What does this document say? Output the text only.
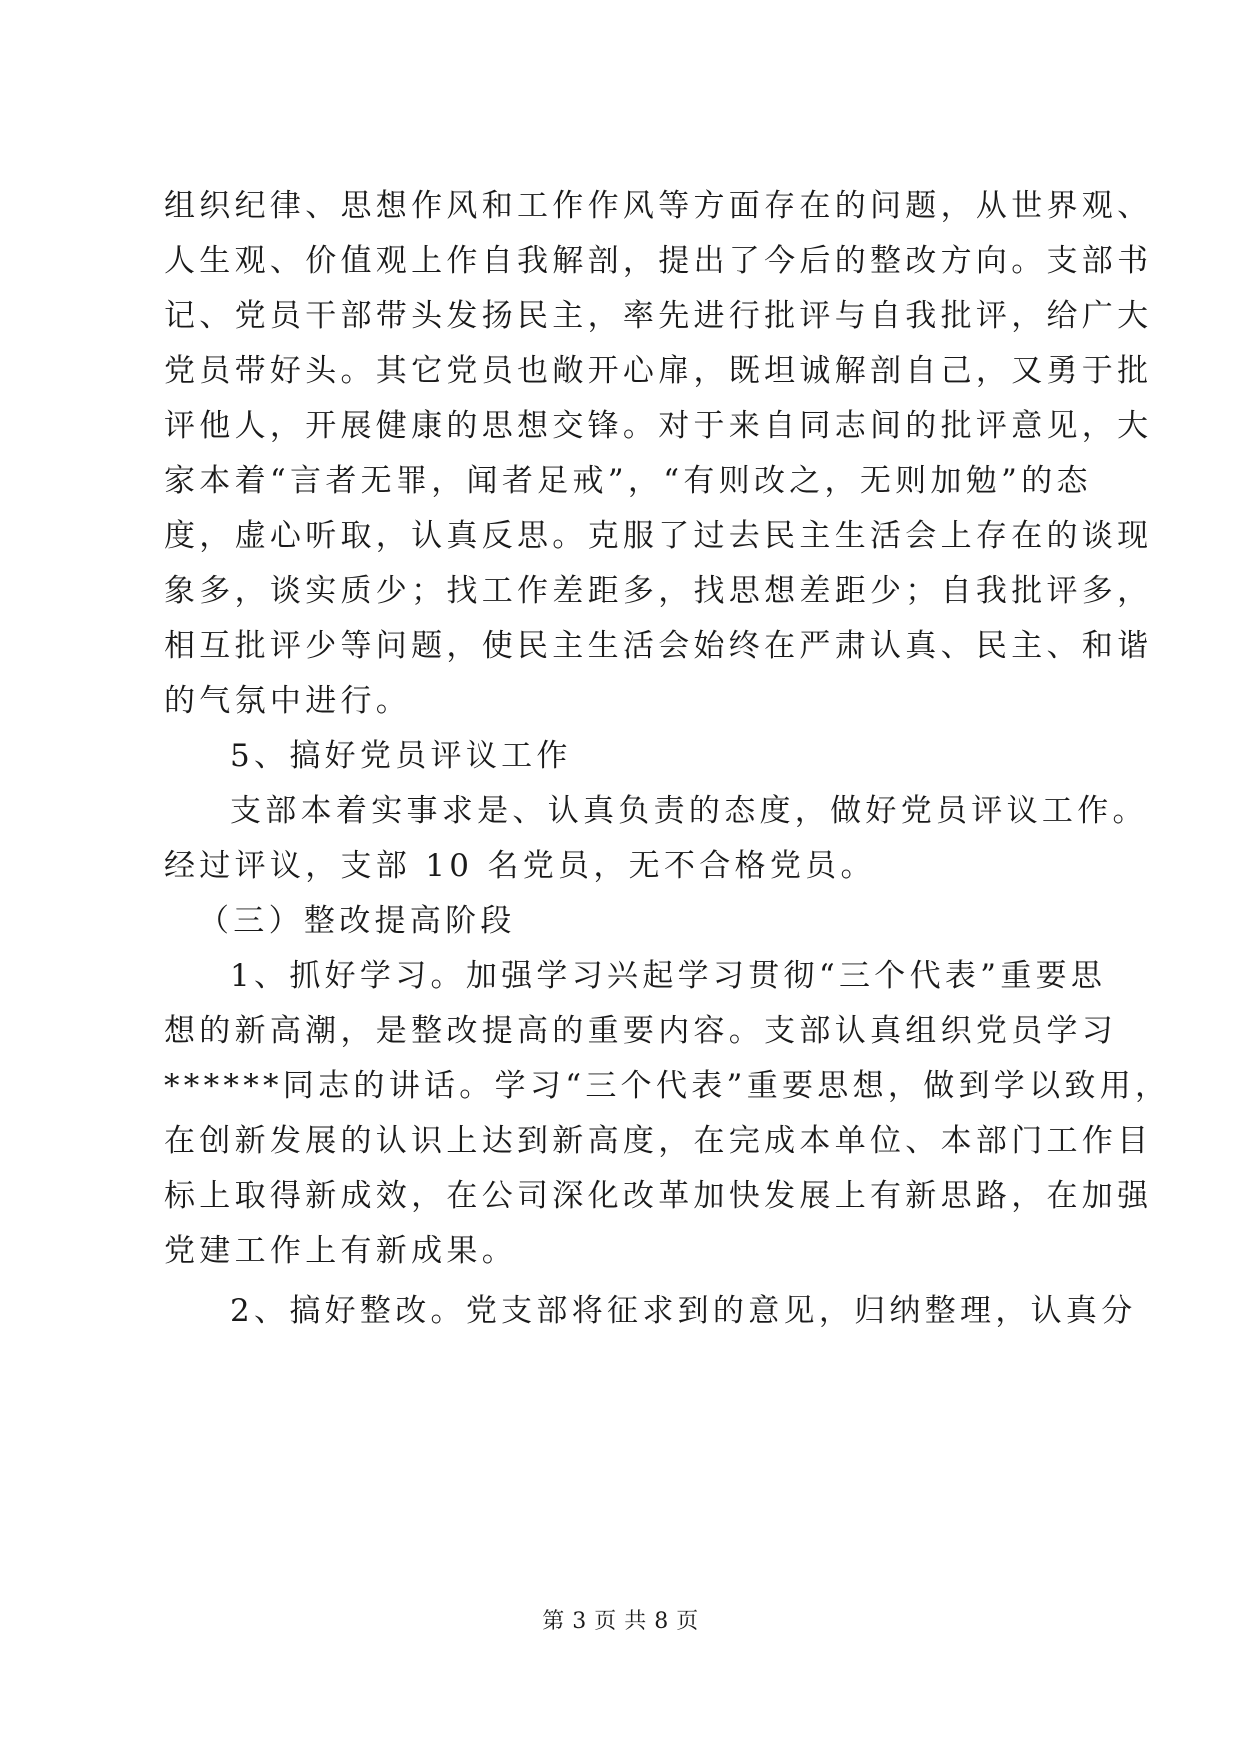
组织纪律、思想作风和工作作风等方面存在的问题，从世界观、
人生观、价值观上作自我解剖，提出了今后的整改方向。支部书
记、党员干部带头发扬民主，率先进行批评与自我批评，给广大
党员带好头。其它党员也敞开心扉，既坦诚解剖自己，又勇于批
评他人，开展健康的思想交锋。对于来自同志间的批评意见，大
家本着“言者无罪，闻者足戒”，“有则改之，无则加勉”的态
度，虚心听取，认真反思。克服了过去民主生活会上存在的谈现
象多，谈实质少；找工作差距多，找思想差距少；自我批评多，
相互批评少等问题，使民主生活会始终在严肃认真、民主、和谐
的气氛中进行。
5、搞好党员评议工作
支部本着实事求是、认真负责的态度，做好党员评议工作。
经过评议，支部 10 名党员，无不合格党员。
（三）整改提高阶段
1、抓好学习。加强学习兴起学习贯彻“三个代表”重要思
想的新高潮，是整改提高的重要内容。支部认真组织党员学习
******同志的讲话。学习“三个代表”重要思想，做到学以致用，
在创新发展的认识上达到新高度，在完成本单位、本部门工作目
标上取得新成效，在公司深化改革加快发展上有新思路，在加强
党建工作上有新成果。
2、搞好整改。党支部将征求到的意见，归纳整理，认真分
第 3 页 共 8 页
